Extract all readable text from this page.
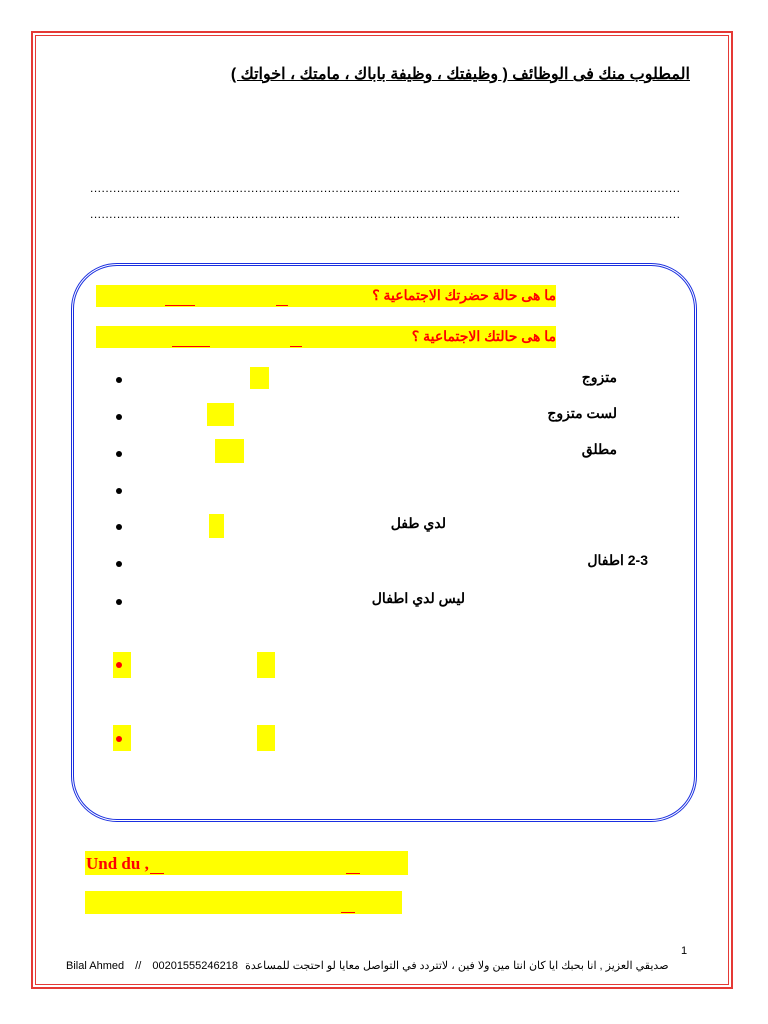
المطلوب منك فى الوظائف ( وظيفتك ، وظيفة باباك ، مامتك ، اخواتك )
..........................................................................................................................................................
..........................................................................................................................................................
ما هى حالة حضرتك الاجتماعية ؟
ما هى حالتك الاجتماعية ؟
متزوج
لست متزوج
مطلق
لدي طفل
2-3 اطفال
ليس لدي اطفال
Und du ,
1
Bilal Ahmed // 00201555246218 صديقي العزيز , انا بحبك ايا كان انتا مين ولا فين ، لاتتردد في التواصل معايا لو احتجت للمساعدة
